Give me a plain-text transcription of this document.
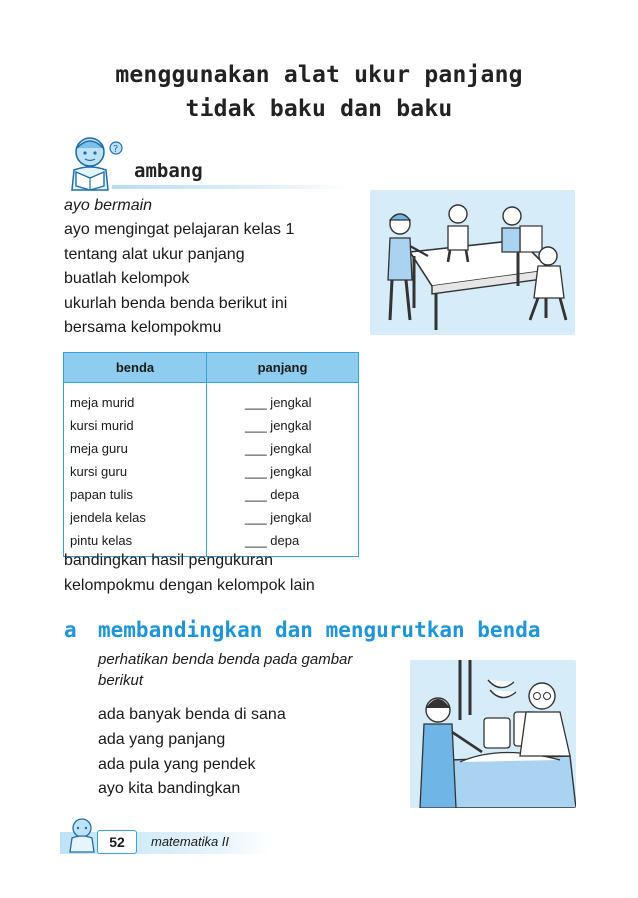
menggunakan alat ukur panjang
tidak baku dan baku
?
ambang
ayo bermain
ayo mengingat pelajaran kelas 1
tentang alat ukur panjang
buatlah kelompok
ukurlah benda benda berikut ini
bersama kelompokmu
benda	panjang
meja murid	___ jengkal
kursi murid	___ jengkal
meja guru	___ jengkal
kursi guru	___ jengkal
papan tulis	___ depa
jendela kelas	___ jengkal
pintu kelas	___ depa
bandingkan hasil pengukuran
kelompokmu dengan kelompok lain
a membandingkan dan mengurutkan benda
perhatikan benda benda pada gambar
berikut
ada banyak benda di sana
ada yang panjang
ada pula yang pendek
ayo kita bandingkan
52	matematika II
